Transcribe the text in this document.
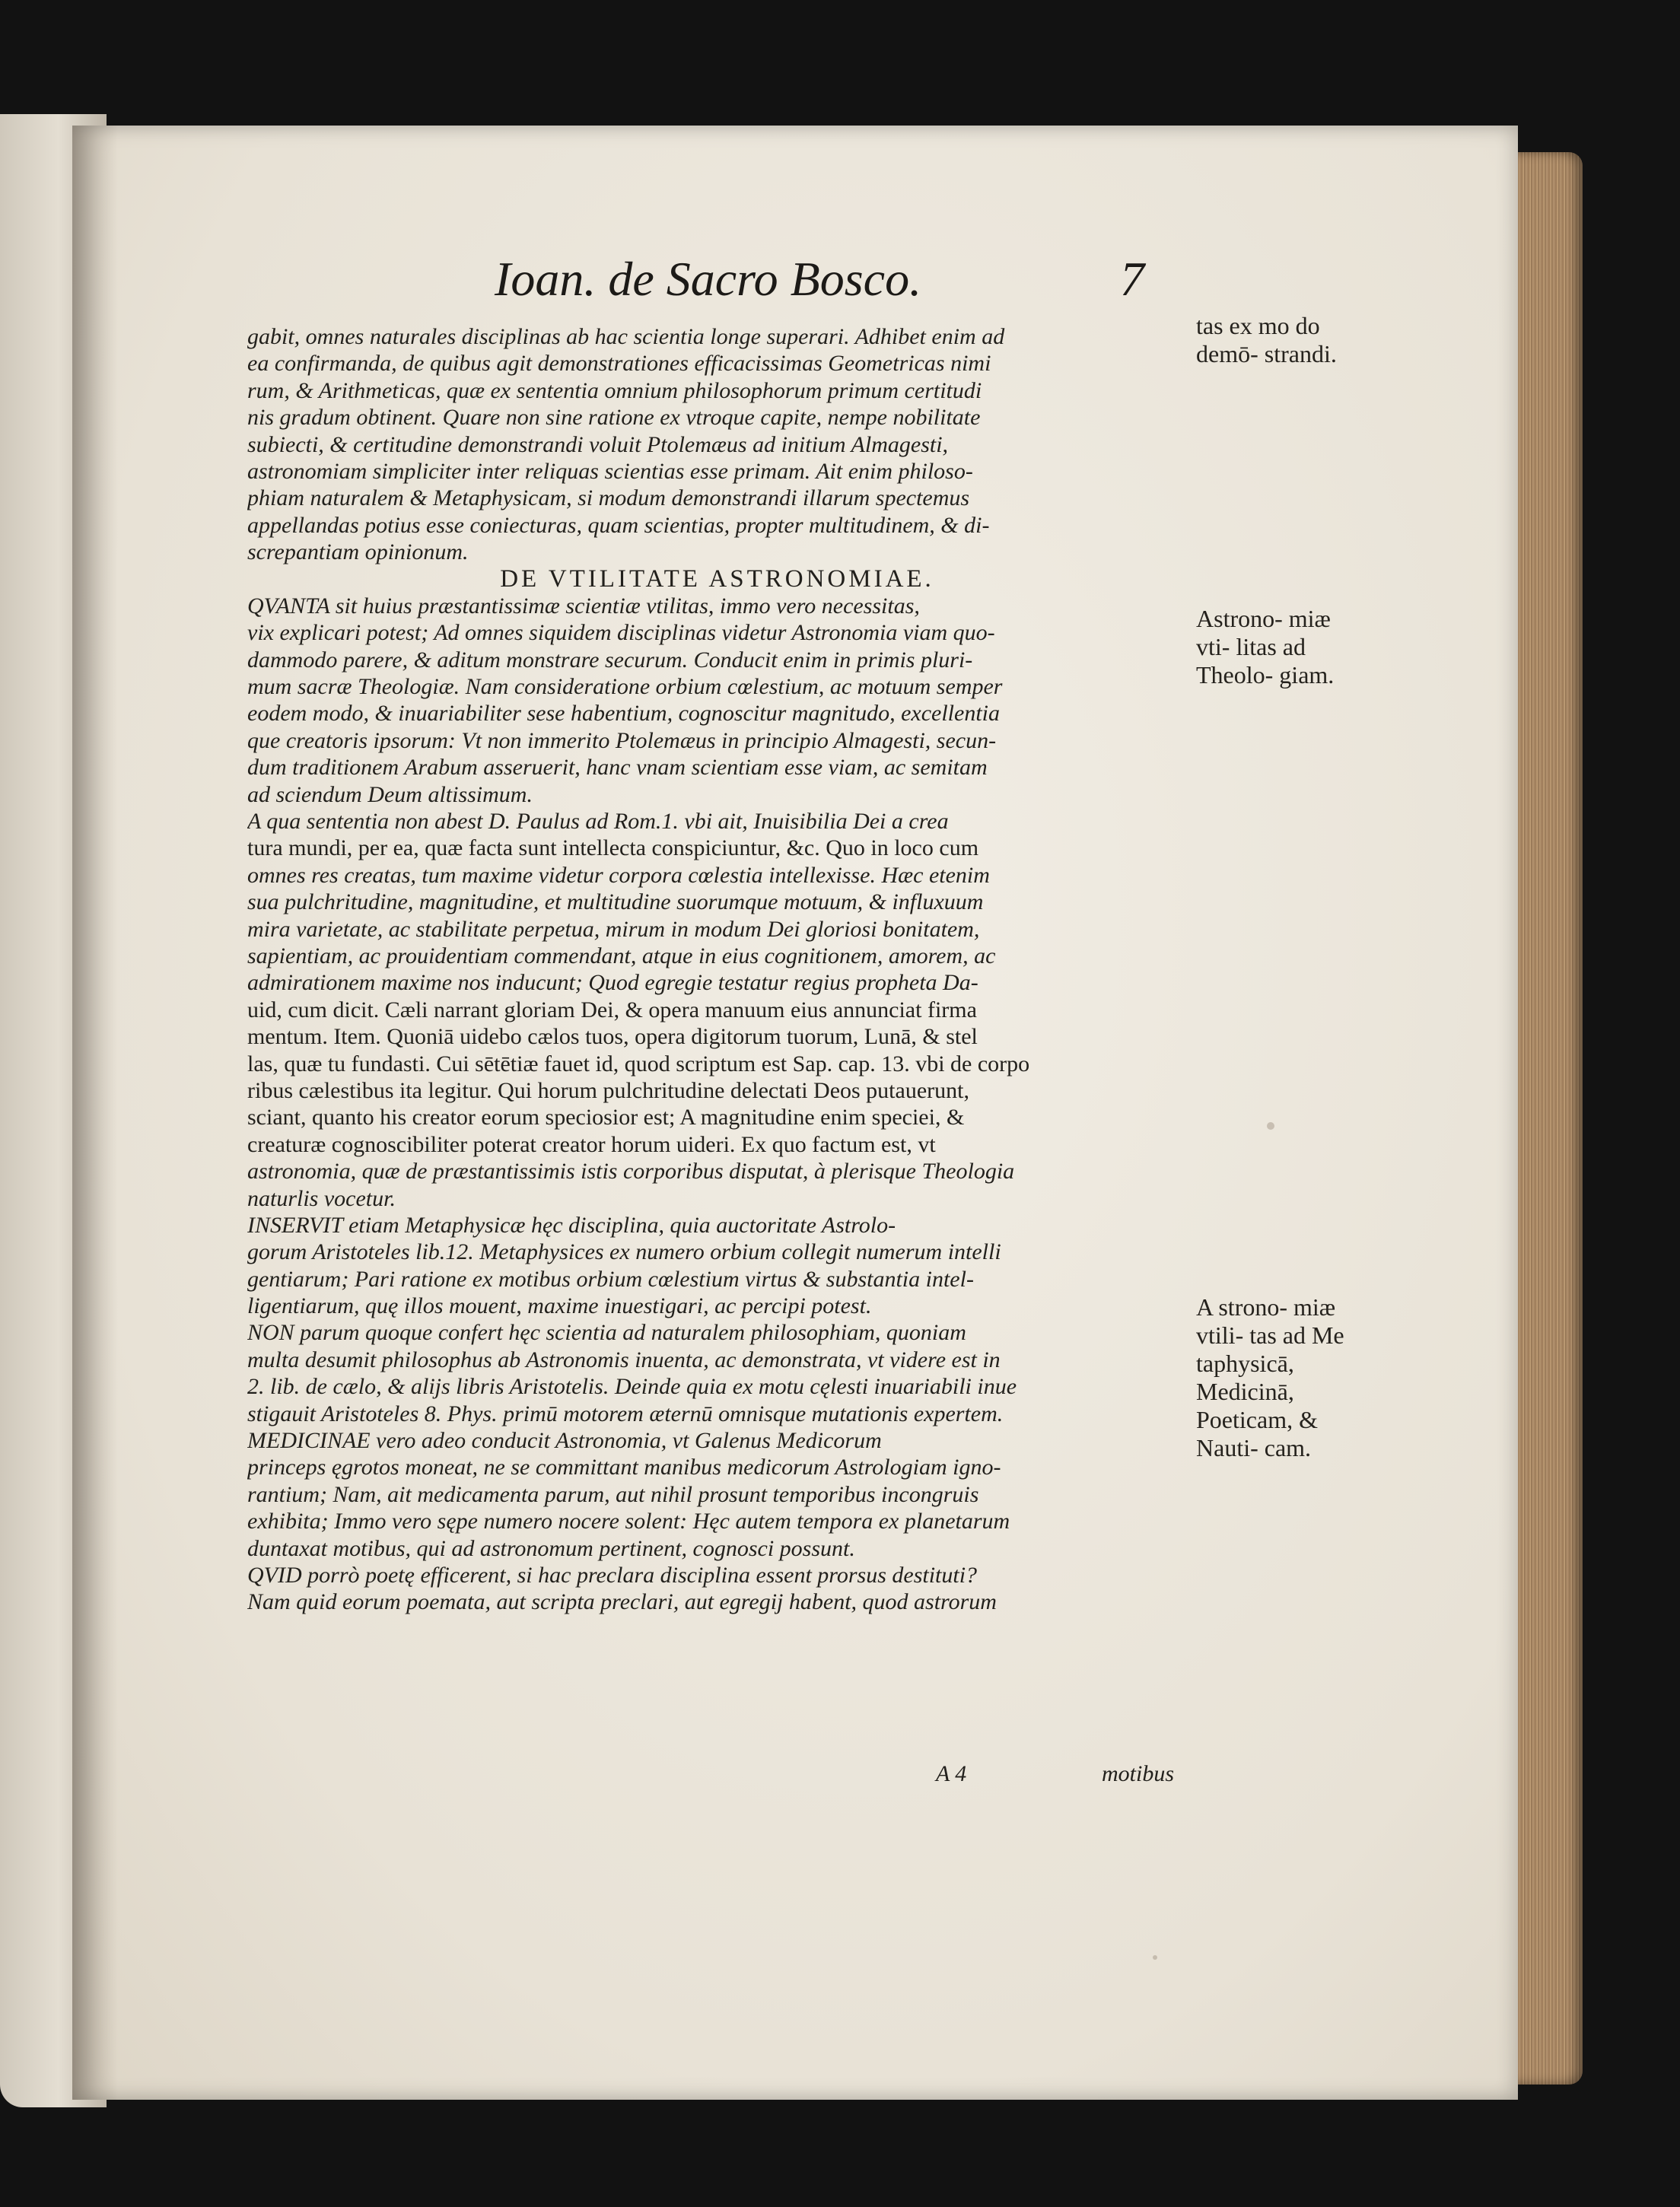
Ioan. de Sacro Bosco.	7
gabit, omnes naturales disciplinas ab hac scientia longe superari. Adhibet enim ad
ea confirmanda, de quibus agit demonstrationes efficacissimas Geometricas nimi
rum, & Arithmeticas, quæ ex sententia omnium philosophorum primum certitudi
nis gradum obtinent. Quare non sine ratione ex vtroque capite, nempe nobilitate
subiecti, & certitudine demonstrandi voluit Ptolemæus ad initium Almagesti,
astronomiam simpliciter inter reliquas scientias esse primam. Ait enim philoso-
phiam naturalem & Metaphysicam, si modum demonstrandi illarum spectemus
appellandas potius esse coniecturas, quam scientias, propter multitudinem, & di-
screpantiam opinionum.
DE VTILITATE ASTRONOMIAE.
QVANTA sit huius præstantissimæ scientiæ vtilitas, immo vero necessitas,
vix explicari potest; Ad omnes siquidem disciplinas videtur Astronomia viam quo-
dammodo parere, & aditum monstrare securum. Conducit enim in primis pluri-
mum sacræ Theologiæ. Nam consideratione orbium cœlestium, ac motuum semper
eodem modo, & inuariabiliter sese habentium, cognoscitur magnitudo, excellentia
que creatoris ipsorum: Vt non immerito Ptolemæus in principio Almagesti, secun-
dum traditionem Arabum asseruerit, hanc vnam scientiam esse viam, ac semitam
ad sciendum Deum altissimum.
A qua sententia non abest D. Paulus ad Rom.1. vbi ait, Inuisibilia Dei a crea
tura mundi, per ea, quæ facta sunt intellecta conspiciuntur, &c. Quo in loco cum
omnes res creatas, tum maxime videtur corpora cœlestia intellexisse. Hæc etenim
sua pulchritudine, magnitudine, et multitudine suorumque motuum, & influxuum
mira varietate, ac stabilitate perpetua, mirum in modum Dei gloriosi bonitatem,
sapientiam, ac prouidentiam commendant, atque in eius cognitionem, amorem, ac
admirationem maxime nos inducunt; Quod egregie testatur regius propheta Da-
uid, cum dicit. Cæli narrant gloriam Dei, & opera manuum eius annunciat firma
mentum. Item. Quoniā uidebo cælos tuos, opera digitorum tuorum, Lunā, & stel
las, quæ tu fundasti. Cui sētētiæ fauet id, quod scriptum est Sap. cap. 13. vbi de corpo
ribus cælestibus ita legitur. Qui horum pulchritudine delectati Deos putauerunt,
sciant, quanto his creator eorum speciosior est; A magnitudine enim speciei, &
creaturæ cognoscibiliter poterat creator horum uideri. Ex quo factum est, vt
astronomia, quæ de præstantissimis istis corporibus disputat, à plerisque Theologia
naturlis vocetur.
INSERVIT etiam Metaphysicæ hęc disciplina, quia auctoritate Astrolo-
gorum Aristoteles lib.12. Metaphysices ex numero orbium collegit numerum intelli
gentiarum; Pari ratione ex motibus orbium cœlestium virtus & substantia intel-
ligentiarum, quę illos mouent, maxime inuestigari, ac percipi potest.
NON parum quoque confert hęc scientia ad naturalem philosophiam, quoniam
multa desumit philosophus ab Astronomis inuenta, ac demonstrata, vt videre est in
2. lib. de cælo, & alijs libris Aristotelis. Deinde quia ex motu cęlesti inuariabili inue
stigauit Aristoteles 8. Phys. primū motorem æternū omnisque mutationis expertem.
MEDICINAE vero adeo conducit Astronomia, vt Galenus Medicorum
princeps ęgrotos moneat, ne se committant manibus medicorum Astrologiam igno-
rantium; Nam, ait medicamenta parum, aut nihil prosunt temporibus incongruis
exhibita; Immo vero sępe numero nocere solent: Hęc autem tempora ex planetarum
duntaxat motibus, qui ad astronomum pertinent, cognosci possunt.
QVID porrò poetę efficerent, si hac preclara disciplina essent prorsus destituti?
Nam quid eorum poemata, aut scripta preclari, aut egregij habent, quod astrorum
tas ex mo do demō- strandi.
Astrono- miæ vti- litas ad Theolo- giam.
A strono- miæ vtili- tas ad Me taphysicā, Medicinā, Poeticam, & Nauti- cam.
A 4	motibus
